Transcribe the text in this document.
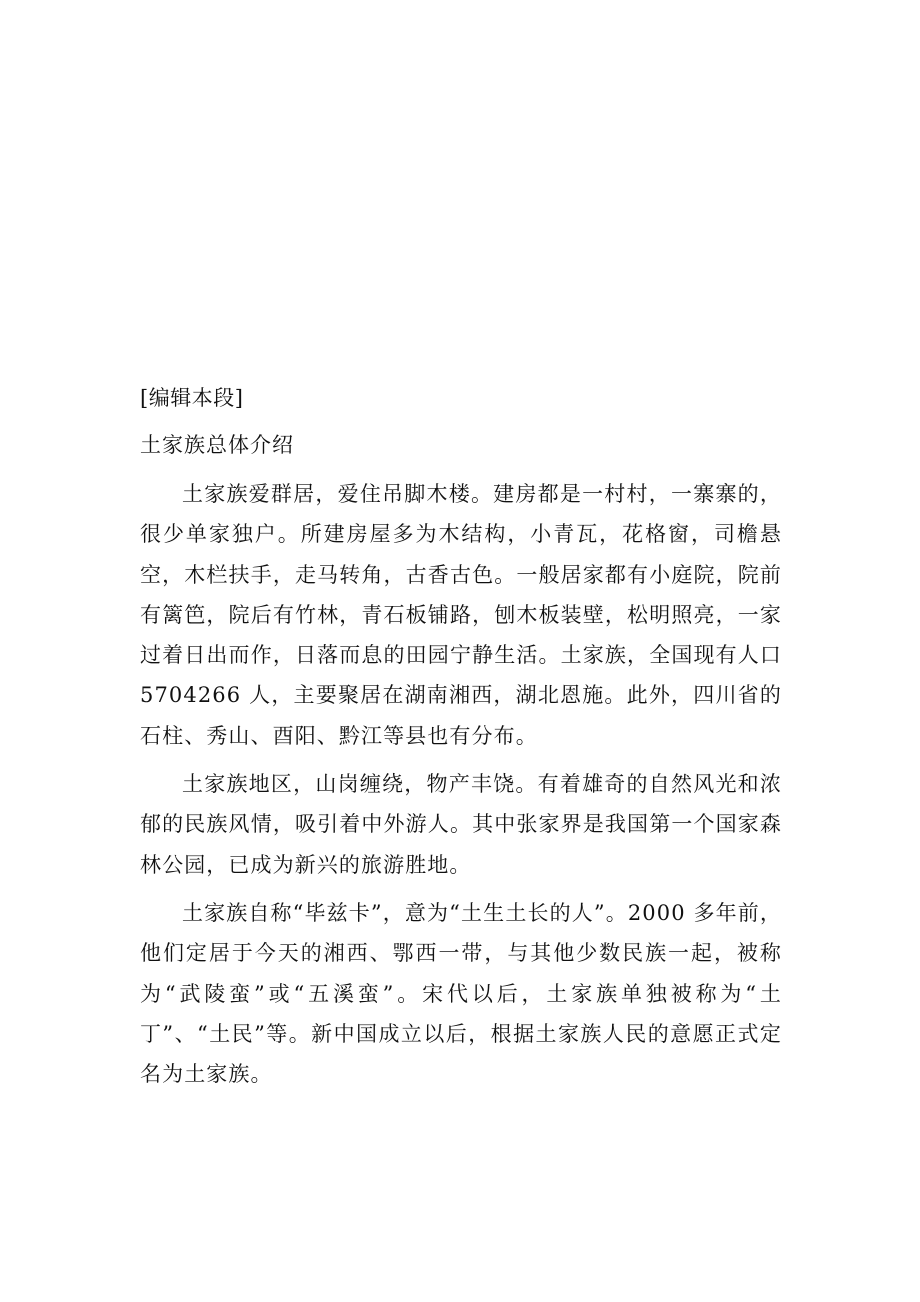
[编辑本段]
土家族总体介绍

土家族爱群居，爱住吊脚木楼。建房都是一村村，一寨寨的，很少单家独户。所建房屋多为木结构，小青瓦，花格窗，司檐悬空，木栏扶手，走马转角，古香古色。一般居家都有小庭院，院前有篱笆，院后有竹林，青石板铺路，刨木板装壁，松明照亮，一家过着日出而作，日落而息的田园宁静生活。土家族，全国现有人口 5704266 人，主要聚居在湖南湘西，湖北恩施。此外，四川省的石柱、秀山、酉阳、黔江等县也有分布。

土家族地区，山岗缠绕，物产丰饶。有着雄奇的自然风光和浓郁的民族风情，吸引着中外游人。其中张家界是我国第一个国家森林公园，已成为新兴的旅游胜地。

土家族自称“毕兹卡”，意为“土生土长的人”。2000 多年前，他们定居于今天的湘西、鄂西一带，与其他少数民族一起，被称为“武陵蛮”或“五溪蛮”。宋代以后，土家族单独被称为“土丁”、“土民”等。新中国成立以后，根据土家族人民的意愿正式定名为土家族。
